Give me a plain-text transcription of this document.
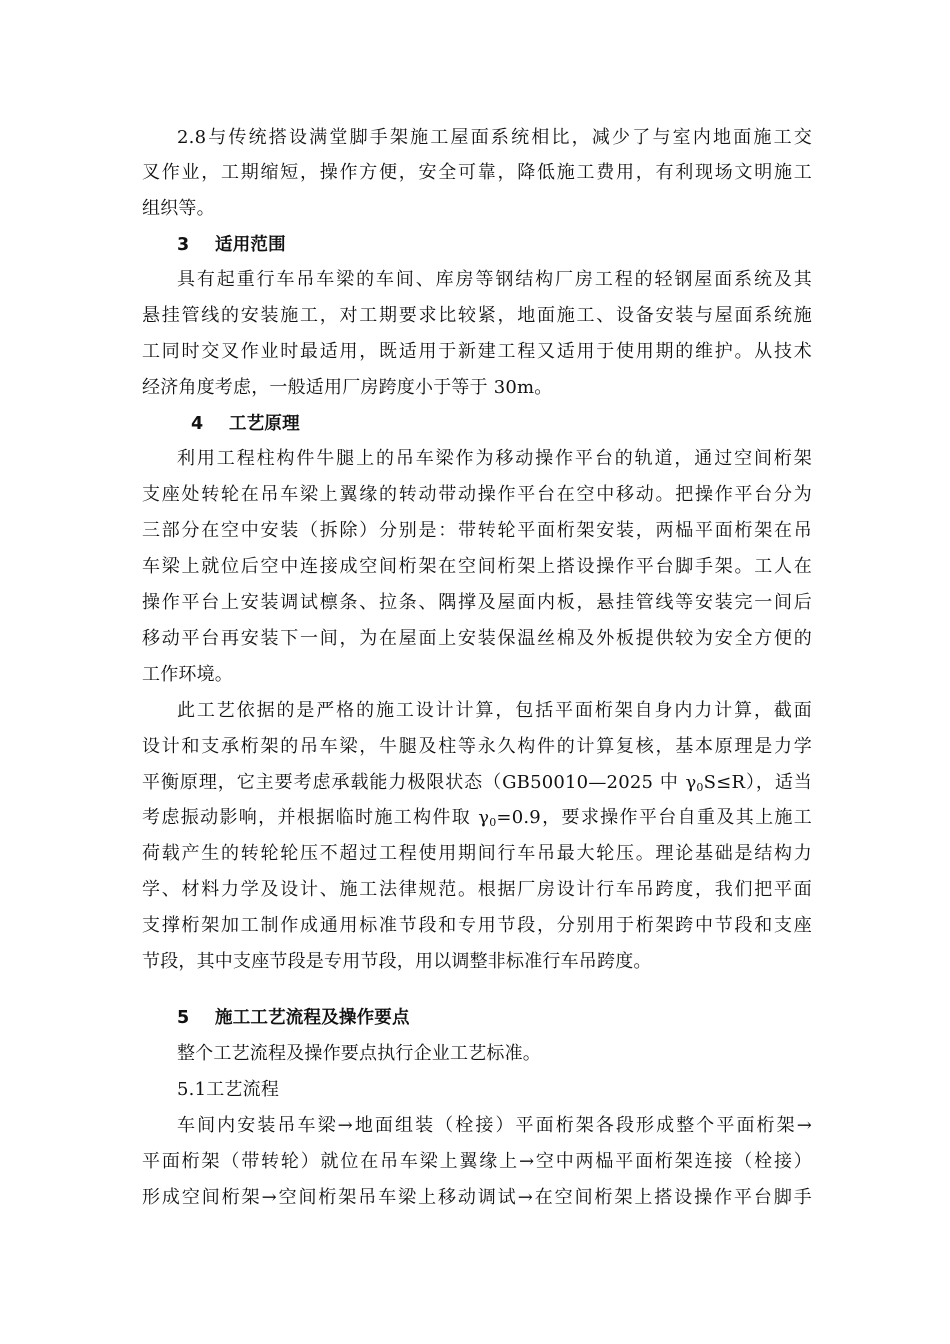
2.8与传统搭设满堂脚手架施工屋面系统相比，减少了与室内地面施工交
叉作业，工期缩短，操作方便，安全可靠，降低施工费用，有利现场文明施工
组织等。
3 适用范围
具有起重行车吊车梁的车间、库房等钢结构厂房工程的轻钢屋面系统及其
悬挂管线的安装施工，对工期要求比较紧，地面施工、设备安装与屋面系统施
工同时交叉作业时最适用，既适用于新建工程又适用于使用期的维护。从技术
经济角度考虑，一般适用厂房跨度小于等于 30m。
4 工艺原理
利用工程柱构件牛腿上的吊车梁作为移动操作平台的轨道，通过空间桁架
支座处转轮在吊车梁上翼缘的转动带动操作平台在空中移动。把操作平台分为
三部分在空中安装（拆除）分别是：带转轮平面桁架安装，两榀平面桁架在吊
车梁上就位后空中连接成空间桁架在空间桁架上搭设操作平台脚手架。工人在
操作平台上安装调试檩条、拉条、隅撑及屋面内板，悬挂管线等安装完一间后
移动平台再安装下一间，为在屋面上安装保温丝棉及外板提供较为安全方便的
工作环境。
此工艺依据的是严格的施工设计计算，包括平面桁架自身内力计算，截面
设计和支承桁架的吊车梁，牛腿及柱等永久构件的计算复核，基本原理是力学
平衡原理，它主要考虑承载能力极限状态（GB50010—2025 中 $\gamma_0S\le R$），适当
考虑振动影响，并根据临时施工构件取 $\gamma_0=0.9$，要求操作平台自重及其上施工
荷载产生的转轮轮压不超过工程使用期间行车吊最大轮压。理论基础是结构力
学、材料力学及设计、施工法律规范。根据厂房设计行车吊跨度，我们把平面
支撑桁架加工制作成通用标准节段和专用节段，分别用于桁架跨中节段和支座
节段，其中支座节段是专用节段，用以调整非标准行车吊跨度。
5 施工工艺流程及操作要点
整个工艺流程及操作要点执行企业工艺标准。
5.1工艺流程
车间内安装吊车梁→地面组装（栓接）平面桁架各段形成整个平面桁架→
平面桁架（带转轮）就位在吊车梁上翼缘上→空中两榀平面桁架连接（栓接）
形成空间桁架→空间桁架吊车梁上移动调试→在空间桁架上搭设操作平台脚手
